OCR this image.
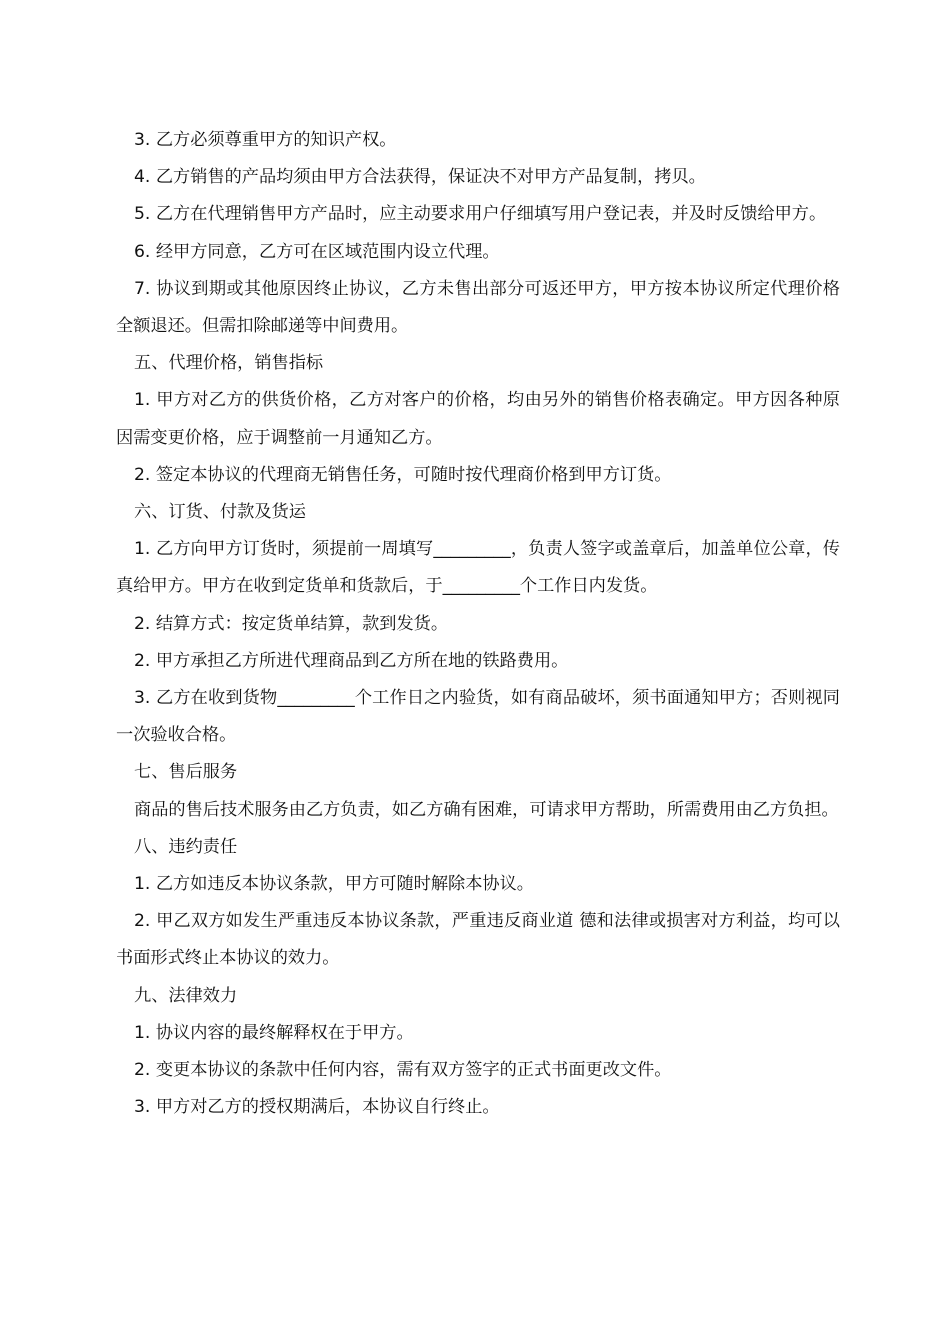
3. 乙方必须尊重甲方的知识产权。

4. 乙方销售的产品均须由甲方合法获得，保证决不对甲方产品复制，拷贝。

5. 乙方在代理销售甲方产品时，应主动要求用户仔细填写用户登记表，并及时反馈给甲方。

6. 经甲方同意，乙方可在区域范围内设立代理。

7. 协议到期或其他原因终止协议，乙方未售出部分可返还甲方，甲方按本协议所定代理价格全额退还。但需扣除邮递等中间费用。

五、代理价格，销售指标

1. 甲方对乙方的供货价格，乙方对客户的价格，均由另外的销售价格表确定。甲方因各种原因需变更价格，应于调整前一月通知乙方。

2. 签定本协议的代理商无销售任务，可随时按代理商价格到甲方订货。

六、订货、付款及货运

1. 乙方向甲方订货时，须提前一周填写_________，负责人签字或盖章后，加盖单位公章，传真给甲方。甲方在收到定货单和货款后，于_________个工作日内发货。

2. 结算方式：按定货单结算，款到发货。

2. 甲方承担乙方所进代理商品到乙方所在地的铁路费用。

3. 乙方在收到货物_________个工作日之内验货，如有商品破坏，须书面通知甲方；否则视同一次验收合格。

七、售后服务

商品的售后技术服务由乙方负责，如乙方确有困难，可请求甲方帮助，所需费用由乙方负担。

八、违约责任

1. 乙方如违反本协议条款，甲方可随时解除本协议。

2. 甲乙双方如发生严重违反本协议条款，严重违反商业道 德和法律或损害对方利益，均可以书面形式终止本协议的效力。

九、法律效力

1. 协议内容的最终解释权在于甲方。

2. 变更本协议的条款中任何内容，需有双方签字的正式书面更改文件。

3. 甲方对乙方的授权期满后，本协议自行终止。
